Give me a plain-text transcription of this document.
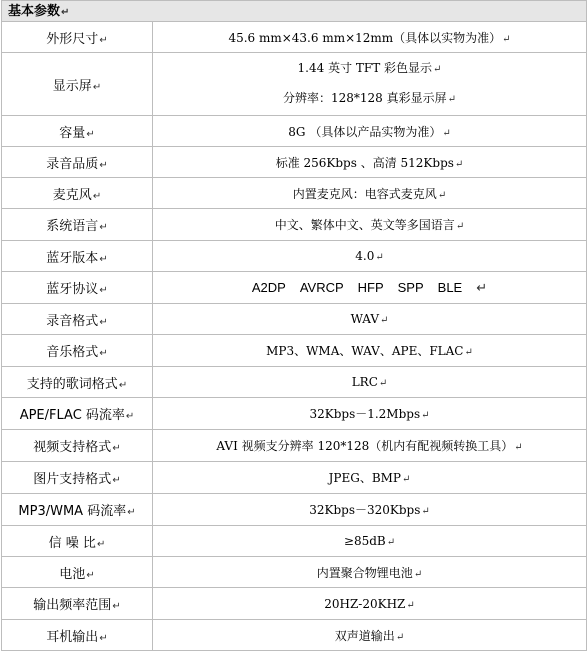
基本参数↵
外形尺寸↵	45.6 mm×43.6 mm×12mm（具体以实物为准）↵
显示屏↵	1.44 英寸 TFT 彩色显示↵
分辨率：128*128 真彩显示屏↵

容量↵	8G （具体以产品实物为准）↵
录音品质↵	标准 256Kbps 、高清 512Kbps↵
麦克风↵	内置麦克风：电容式麦克风↵
系统语言↵	中文、繁体中文、英文等多国语言↵
蓝牙版本↵	4.0↵
蓝牙协议↵	A2DP AVRCP HFP SPP BLE ↵
录音格式↵	WAV↵
音乐格式↵	MP3、WMA、WAV、APE、FLAC↵
支持的歌词格式↵	LRC↵
APE/FLAC 码流率↵	32Kbps－1.2Mbps↵
视频支持格式↵	AVI 视频支分辨率 120*128（机内有配视频转换工具）↵
图片支持格式↵	JPEG、BMP↵
MP3/WMA 码流率↵	32Kbps－320Kbps↵
信 噪 比↵	≥85dB↵
电池↵	内置聚合物锂电池↵
输出频率范围↵	20HZ-20KHZ↵
耳机输出↵	双声道输出↵
